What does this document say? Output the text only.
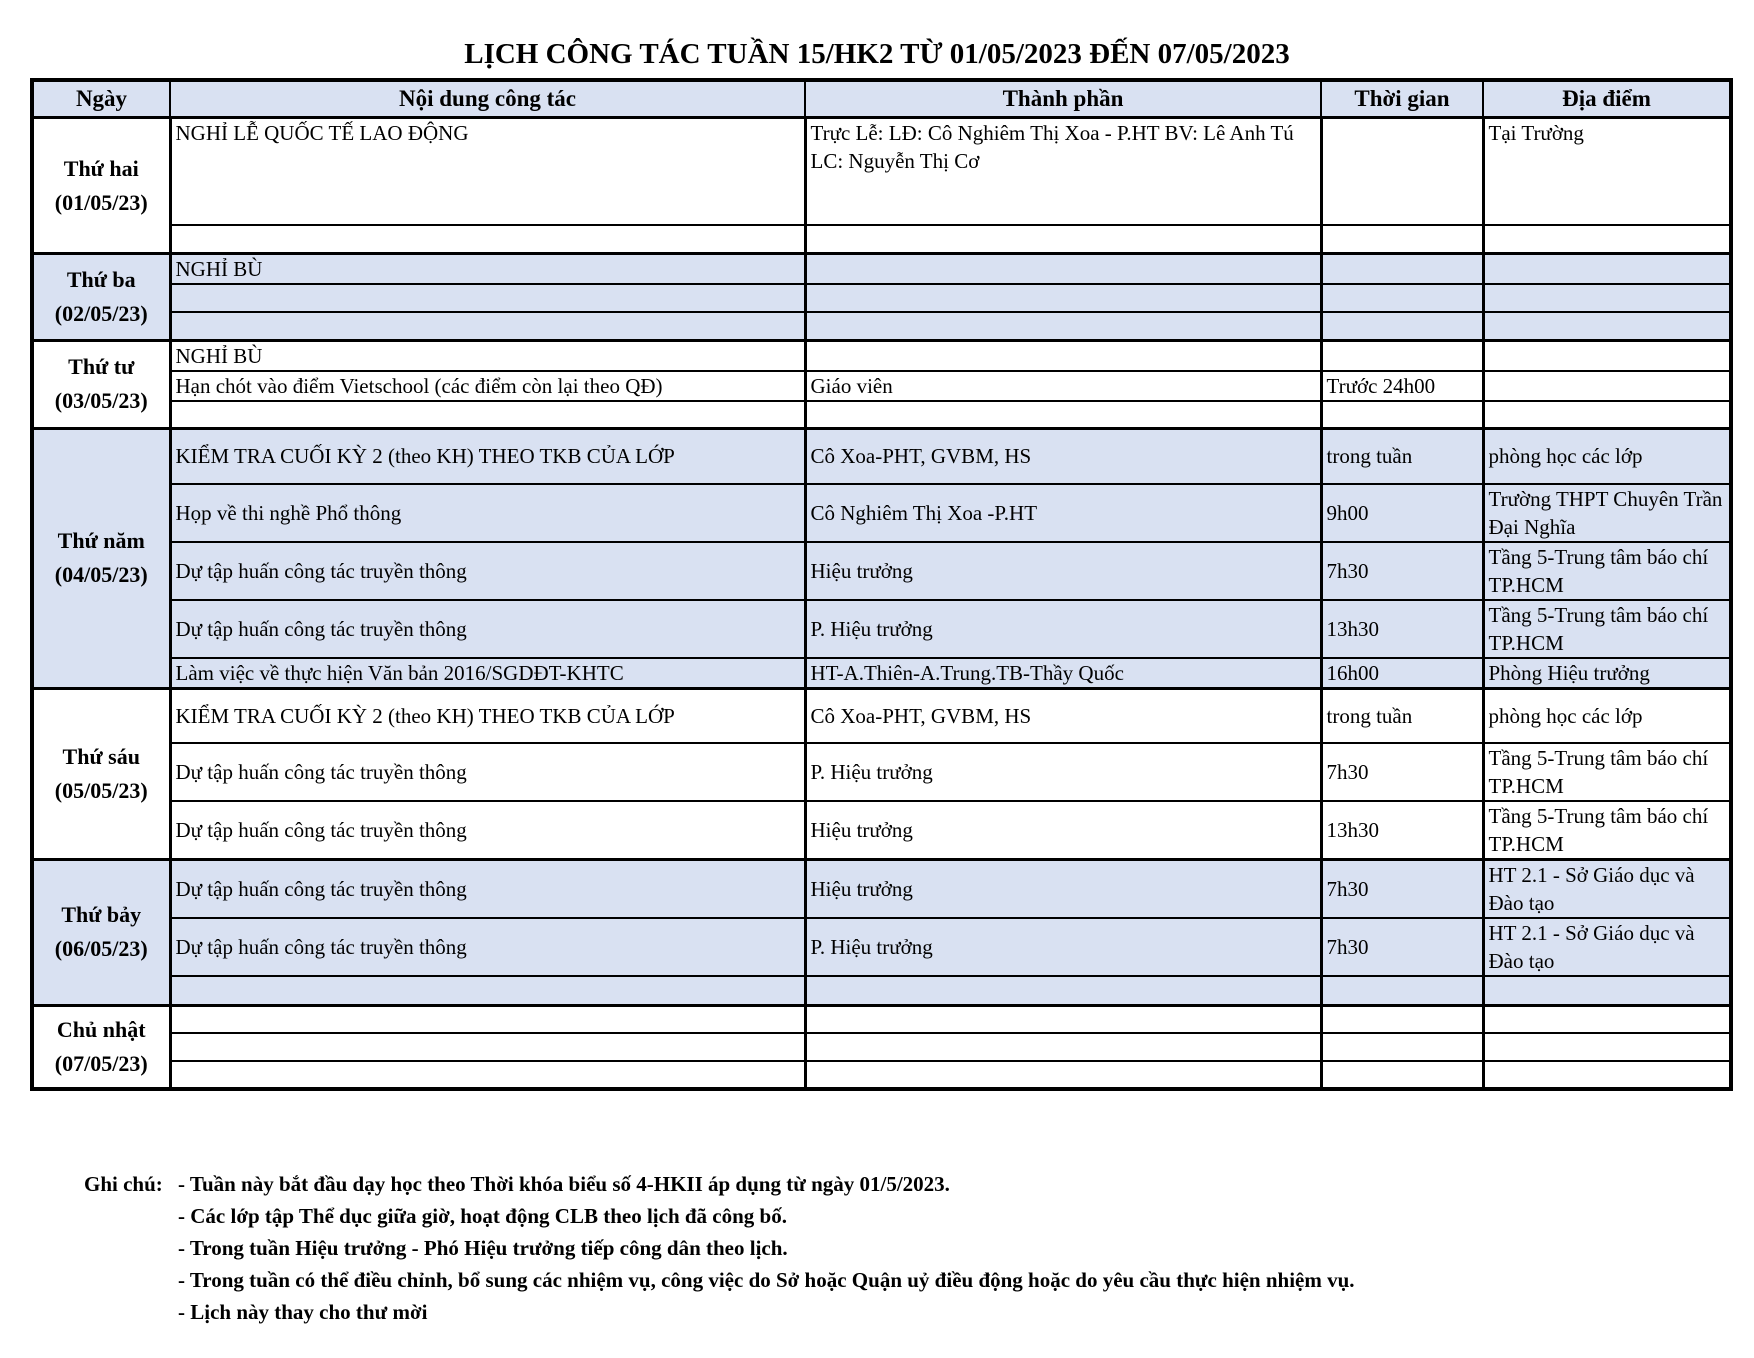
LỊCH CÔNG TÁC TUẦN 15/HK2 TỪ 01/05/2023 ĐẾN 07/05/2023
Ngày	Nội dung công tác	Thành phần	Thời gian	Địa điểm
Thứ hai
(01/05/23)	NGHỈ LỄ QUỐC TẾ LAO ĐỘNG	Trực Lễ: LĐ: Cô Nghiêm Thị Xoa - P.HT BV: Lê Anh Tú LC: Nguyễn Thị Cơ		Tại Trường

Thứ ba
(02/05/23)	NGHỈ BÙ			

Thứ tư
(03/05/23)	NGHỈ BÙ			
	Hạn chót vào điểm Vietschool (các điểm còn lại theo QĐ)	Giáo viên	Trước 24h00	

Thứ năm
(04/05/23)	KIỂM TRA CUỐI KỲ 2 (theo KH) THEO TKB CỦA LỚP	Cô Xoa-PHT, GVBM, HS	trong tuần	phòng học các lớp
	Họp về thi nghề Phổ thông	Cô Nghiêm Thị Xoa -P.HT	9h00	Trường THPT Chuyên Trần Đại Nghĩa
	Dự tập huấn công tác truyền thông	Hiệu trưởng	7h30	Tầng 5-Trung tâm báo chí TP.HCM
	Dự tập huấn công tác truyền thông	P. Hiệu trưởng	13h30	Tầng 5-Trung tâm báo chí TP.HCM
	Làm việc về thực hiện Văn bản 2016/SGDĐT-KHTC	HT-A.Thiên-A.Trung.TB-Thầy Quốc	16h00	Phòng Hiệu trưởng
Thứ sáu
(05/05/23)	KIỂM TRA CUỐI KỲ 2 (theo KH) THEO TKB CỦA LỚP	Cô Xoa-PHT, GVBM, HS	trong tuần	phòng học các lớp
	Dự tập huấn công tác truyền thông	P. Hiệu trưởng	7h30	Tầng 5-Trung tâm báo chí TP.HCM
	Dự tập huấn công tác truyền thông	Hiệu trưởng	13h30	Tầng 5-Trung tâm báo chí TP.HCM
Thứ bảy
(06/05/23)	Dự tập huấn công tác truyền thông	Hiệu trưởng	7h30	HT 2.1 - Sở Giáo dục và Đào tạo
	Dự tập huấn công tác truyền thông	P. Hiệu trưởng	7h30	HT 2.1 - Sở Giáo dục và Đào tạo

Chủ nhật
(07/05/23)				

Ghi chú: - Tuần này bắt đầu dạy học theo Thời khóa biểu số 4-HKII áp dụng từ ngày 01/5/2023.
- Các lớp tập Thể dục giữa giờ, hoạt động CLB theo lịch đã công bố.
- Trong tuần Hiệu trưởng - Phó Hiệu trưởng tiếp công dân theo lịch.
- Trong tuần có thể điều chỉnh, bổ sung các nhiệm vụ, công việc do Sở hoặc Quận uỷ điều động hoặc do yêu cầu thực hiện nhiệm vụ.
- Lịch này thay cho thư mời
